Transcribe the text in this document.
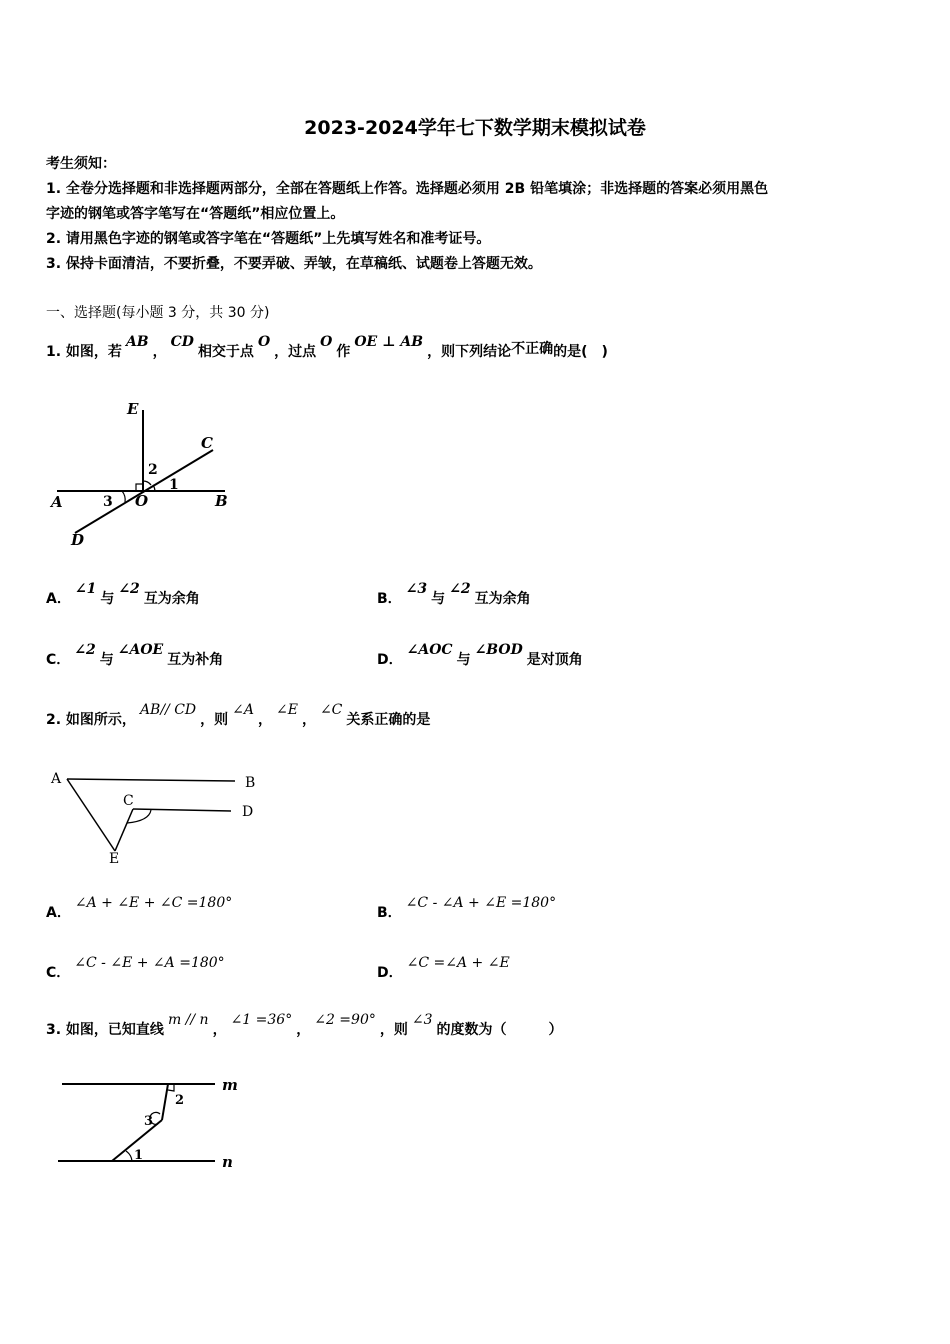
2023-2024学年七下数学期末模拟试卷
考生须知：
1. 全卷分选择题和非选择题两部分，全部在答题纸上作答。选择题必须用 2B 铅笔填涂；非选择题的答案必须用黑色
字迹的钢笔或答字笔写在“答题纸”相应位置上。
2. 请用黑色字迹的钢笔或答字笔在“答题纸”上先填写姓名和准考证号。
3. 保持卡面清洁，不要折叠，不要弄破、弄皱，在草稿纸、试题卷上答题无效。
一、选择题(每小题 3 分，共 30 分)
1. 如图，若AB，CD相交于点O，过点O作OE ⊥ AB，则下列结论不正确的是(　)
E
C
A	O	B
D
1
2
3
A．∠1与∠2互为余角	B．∠3与∠2互为余角
C．∠2与∠AOE互为补角	D．∠AOC与∠BOD是对顶角
2. 如图所示，AB// CD，则∠A，∠E，∠C关系正确的是
A	B
C
D
E
A．∠A + ∠E + ∠C =180°
B．∠C - ∠A + ∠E =180°
C．∠C - ∠E + ∠A =180°
D．∠C =∠A + ∠E
3. 如图，已知直线m // n，∠1 =36°，∠2 =90°，则∠3的度数为（　　　）
m
n
1
2
3
